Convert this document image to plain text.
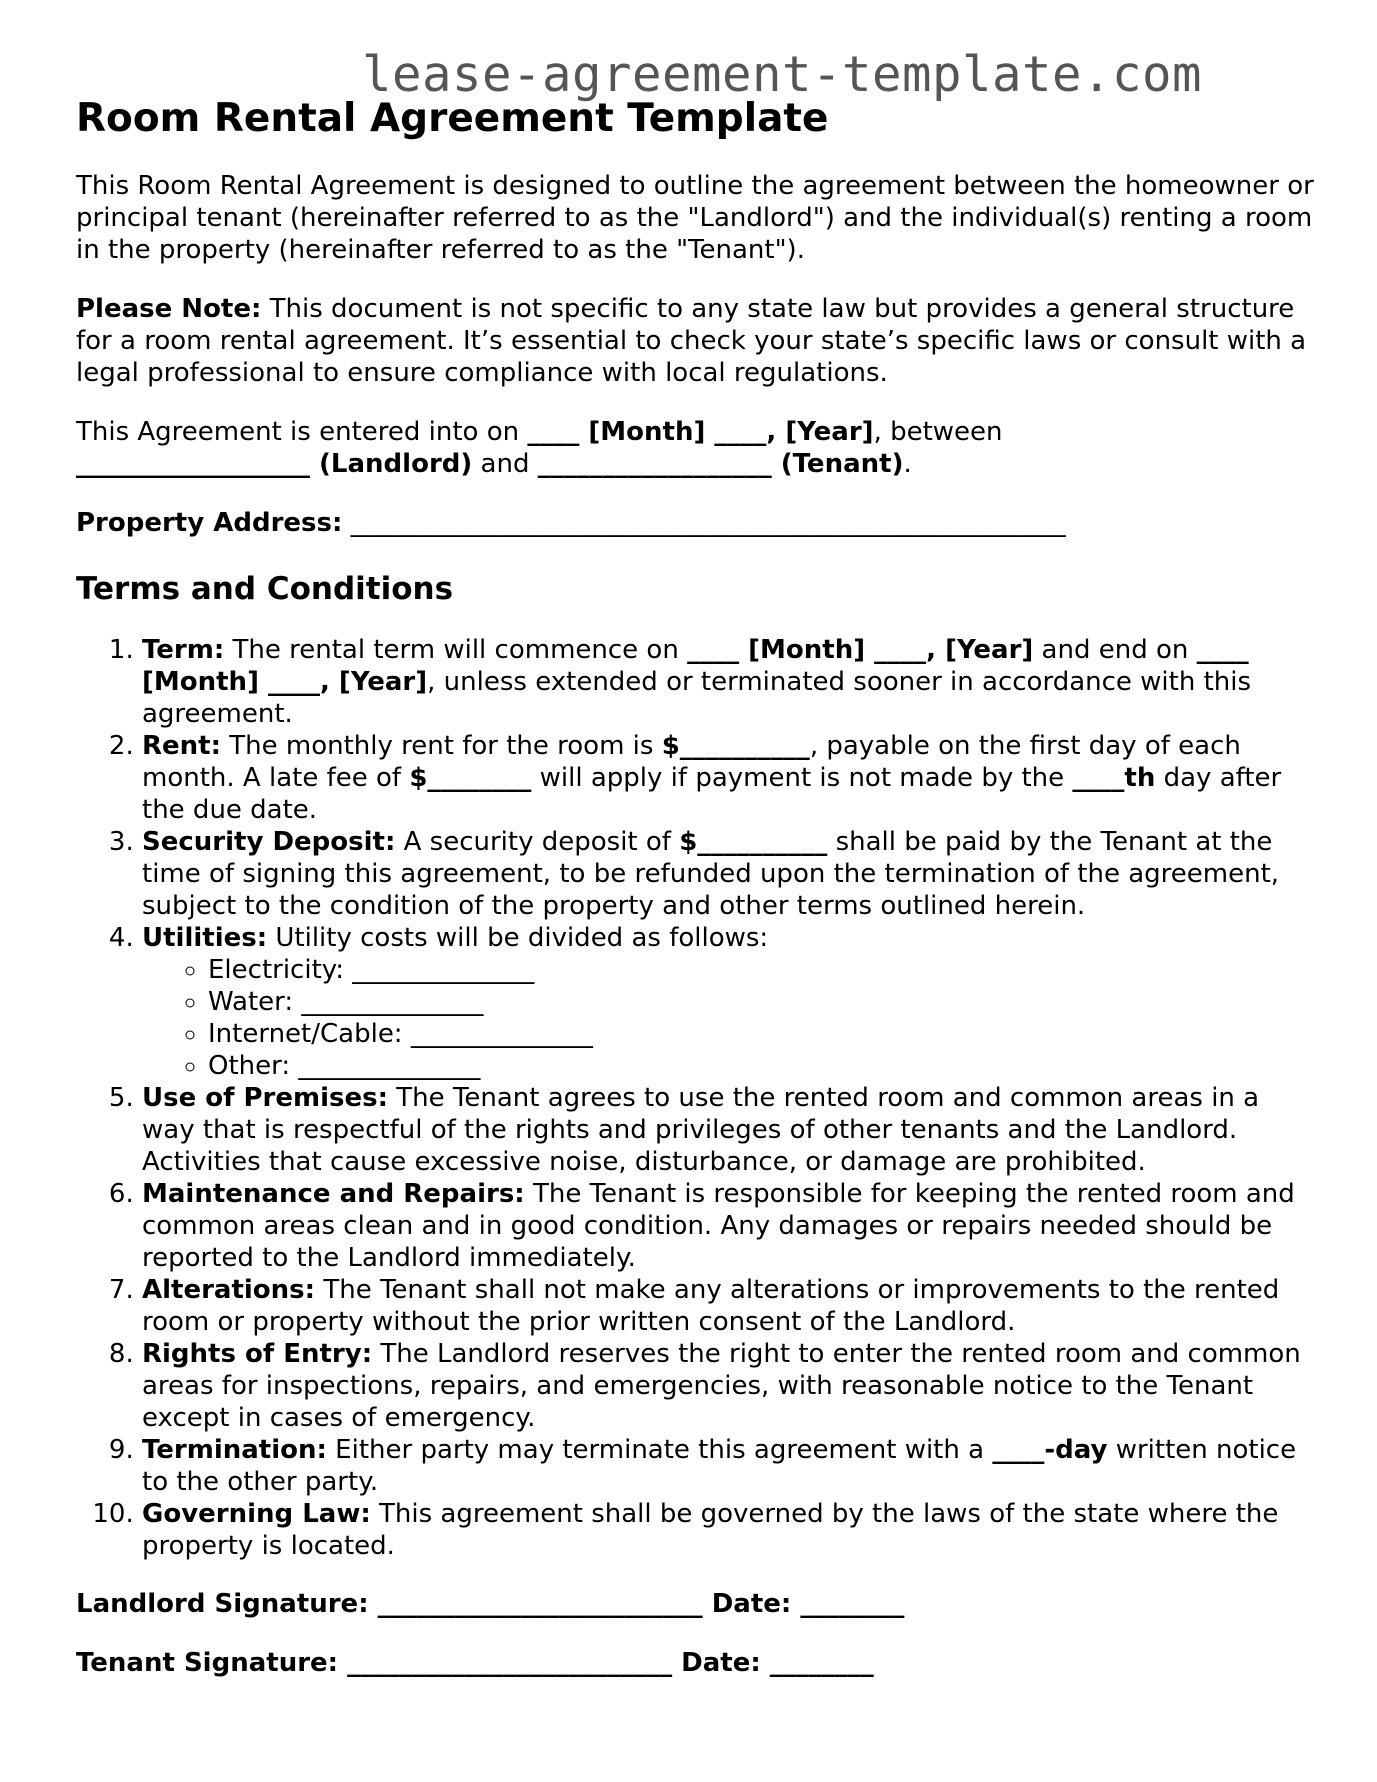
lease-agreement-template.com
Room Rental Agreement Template

This Room Rental Agreement is designed to outline the agreement between the homeowner or principal tenant (hereinafter referred to as the "Landlord") and the individual(s) renting a room in the property (hereinafter referred to as the "Tenant").

Please Note: This document is not specific to any state law but provides a general structure for a room rental agreement. It’s essential to check your state’s specific laws or consult with a legal professional to ensure compliance with local regulations.

This Agreement is entered into on ____ [Month] ____, [Year], between
__________________ (Landlord) and __________________ (Tenant).

Property Address: _______________________________________________________

Terms and Conditions
1. Term: The rental term will commence on ____ [Month] ____, [Year] and end on ____ [Month] ____, [Year], unless extended or terminated sooner in accordance with this agreement.
2. Rent: The monthly rent for the room is $__________, payable on the first day of each month. A late fee of $________ will apply if payment is not made by the ____th day after the due date.
3. Security Deposit: A security deposit of $__________ shall be paid by the Tenant at the time of signing this agreement, to be refunded upon the termination of the agreement, subject to the condition of the property and other terms outlined herein.
4. Utilities: Utility costs will be divided as follows:
◦ Electricity: ______________
◦ Water: ______________
◦ Internet/Cable: ______________
◦ Other: ______________
5. Use of Premises: The Tenant agrees to use the rented room and common areas in a way that is respectful of the rights and privileges of other tenants and the Landlord. Activities that cause excessive noise, disturbance, or damage are prohibited.
6. Maintenance and Repairs: The Tenant is responsible for keeping the rented room and common areas clean and in good condition. Any damages or repairs needed should be reported to the Landlord immediately.
7. Alterations: The Tenant shall not make any alterations or improvements to the rented room or property without the prior written consent of the Landlord.
8. Rights of Entry: The Landlord reserves the right to enter the rented room and common areas for inspections, repairs, and emergencies, with reasonable notice to the Tenant except in cases of emergency.
9. Termination: Either party may terminate this agreement with a ____-day written notice to the other party.
10. Governing Law: This agreement shall be governed by the laws of the state where the property is located.

Landlord Signature: _________________________ Date: ________

Tenant Signature: _________________________ Date: ________
